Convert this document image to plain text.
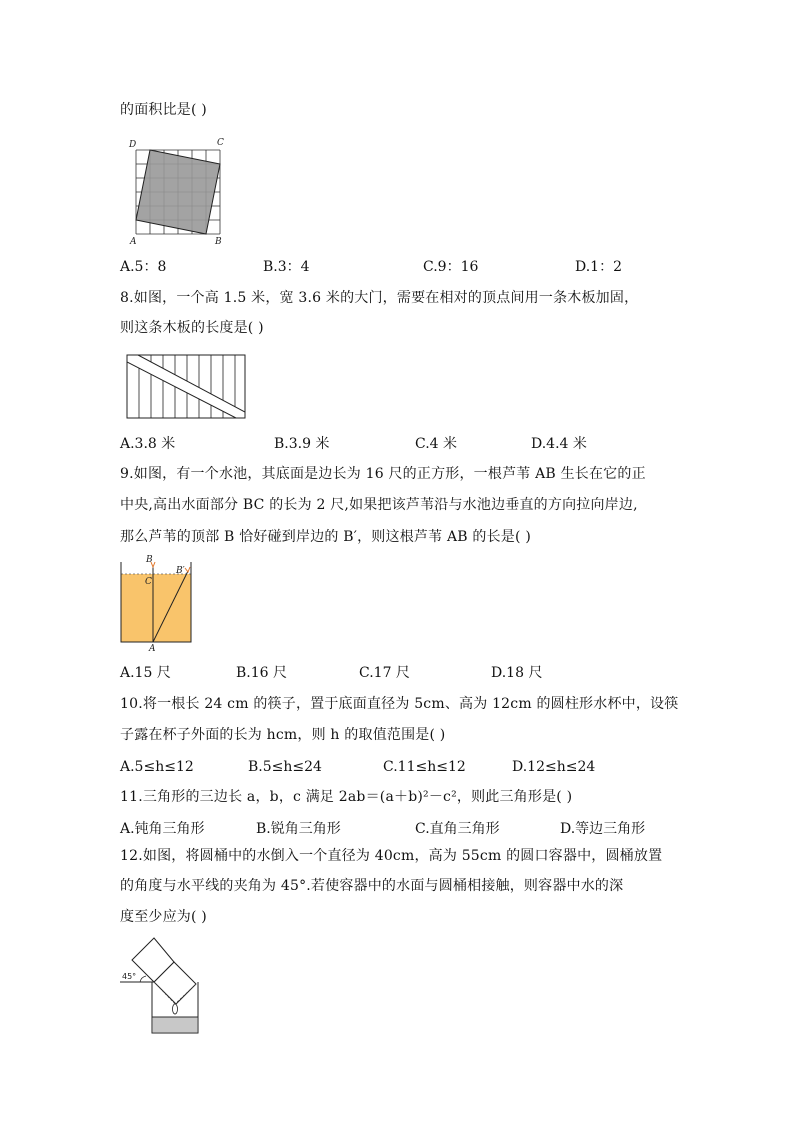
的面积比是( )
D	C
A	B
A.5：8	B.3：4	C.9：16	D.1：2
8.如图，一个高 1.5 米，宽 3.6 米的大门，需要在相对的顶点间用一条木板加固，
则这条木板的长度是( )
A.3.8 米	B.3.9 米	C.4 米	D.4.4 米
9.如图，有一个水池，其底面是边长为 16 尺的正方形，一根芦苇 AB 生长在它的正
中央,高出水面部分 BC 的长为 2 尺,如果把该芦苇沿与水池边垂直的方向拉向岸边,
那么芦苇的顶部 B 恰好碰到岸边的 B′，则这根芦苇 AB 的长是( )
B
B′
C
A
A.15 尺	B.16 尺	C.17 尺	D.18 尺
10.将一根长 24 cm 的筷子，置于底面直径为 5cm、高为 12cm 的圆柱形水杯中，设筷
子露在杯子外面的长为 hcm，则 h 的取值范围是( )
A.5≤h≤12	B.5≤h≤24	C.11≤h≤12	D.12≤h≤24
11.三角形的三边长 a，b，c 满足 2ab＝(a＋b)²－c²，则此三角形是( )
A.钝角三角形	B.锐角三角形	C.直角三角形	D.等边三角形
12.如图，将圆桶中的水倒入一个直径为 40cm，高为 55cm 的圆口容器中，圆桶放置
的角度与水平线的夹角为 45°.若使容器中的水面与圆桶相接触，则容器中水的深
度至少应为( )
45°
